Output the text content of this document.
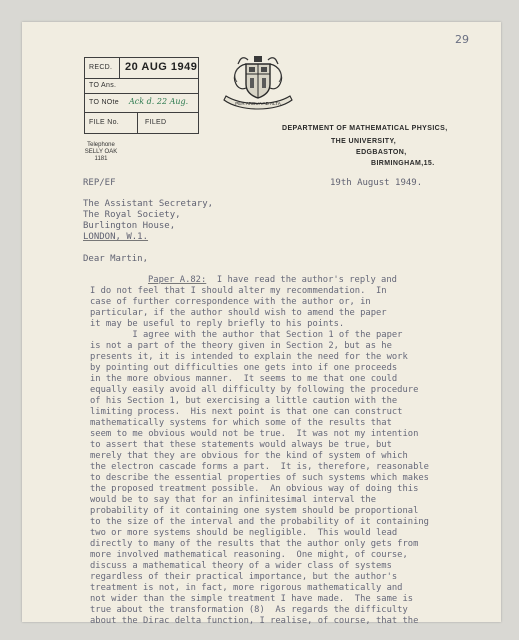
29
RECD. 20 AUG 1949
TO Ans.
TO NOte Ack d. 22 Aug.
FILE No.	FILED
Telephone
SELLY OAK 1181
PER ARDUA AD ALTA
DEPARTMENT OF MATHEMATICAL PHYSICS,
THE UNIVERSITY,
EDGBASTON,
BIRMINGHAM,15.
REP/EF	19th August 1949.
The Assistant Secretary,
The Royal Society,
Burlington House,
LONDON, W.1.
Dear Martin,
Paper A.82:  I have read the author's reply and
I do not feel that I should alter my recommendation.  In
case of further correspondence with the author or, in
particular, if the author should wish to amend the paper
it may be useful to reply briefly to his points.
I agree with the author that Section 1 of the paper
is not a part of the theory given in Section 2, but as he
presents it, it is intended to explain the need for the work
by pointing out difficulties one gets into if one proceeds
in the more obvious manner.  It seems to me that one could
equally easily avoid all difficulty by following the procedure
of his Section 1, but exercising a little caution with the
limiting process.  His next point is that one can construct
mathematically systems for which some of the results that
seem to me obvious would not be true.  It was not my intention
to assert that these statements would always be true, but
merely that they are obvious for the kind of system of which
the electron cascade forms a part.  It is, therefore, reasonable
to describe the essential properties of such systems which makes
the proposed treatment possible.  An obvious way of doing this
would be to say that for an infinitesimal interval the
probability of it containing one system should be proportional
to the size of the interval and the probability of it containing
two or more systems should be negligible.  This would lead
directly to many of the results that the author only gets from
more involved mathematical reasoning.  One might, of course,
discuss a mathematical theory of a wider class of systems
regardless of their practical importance, but the author's
treatment is not, in fact, more rigorous mathematically and
not wider than the simple treatment I have made.  The same is
true about the transformation (8)  As regards the difficulty
about the Dirac delta function, I realise, of course, that the
